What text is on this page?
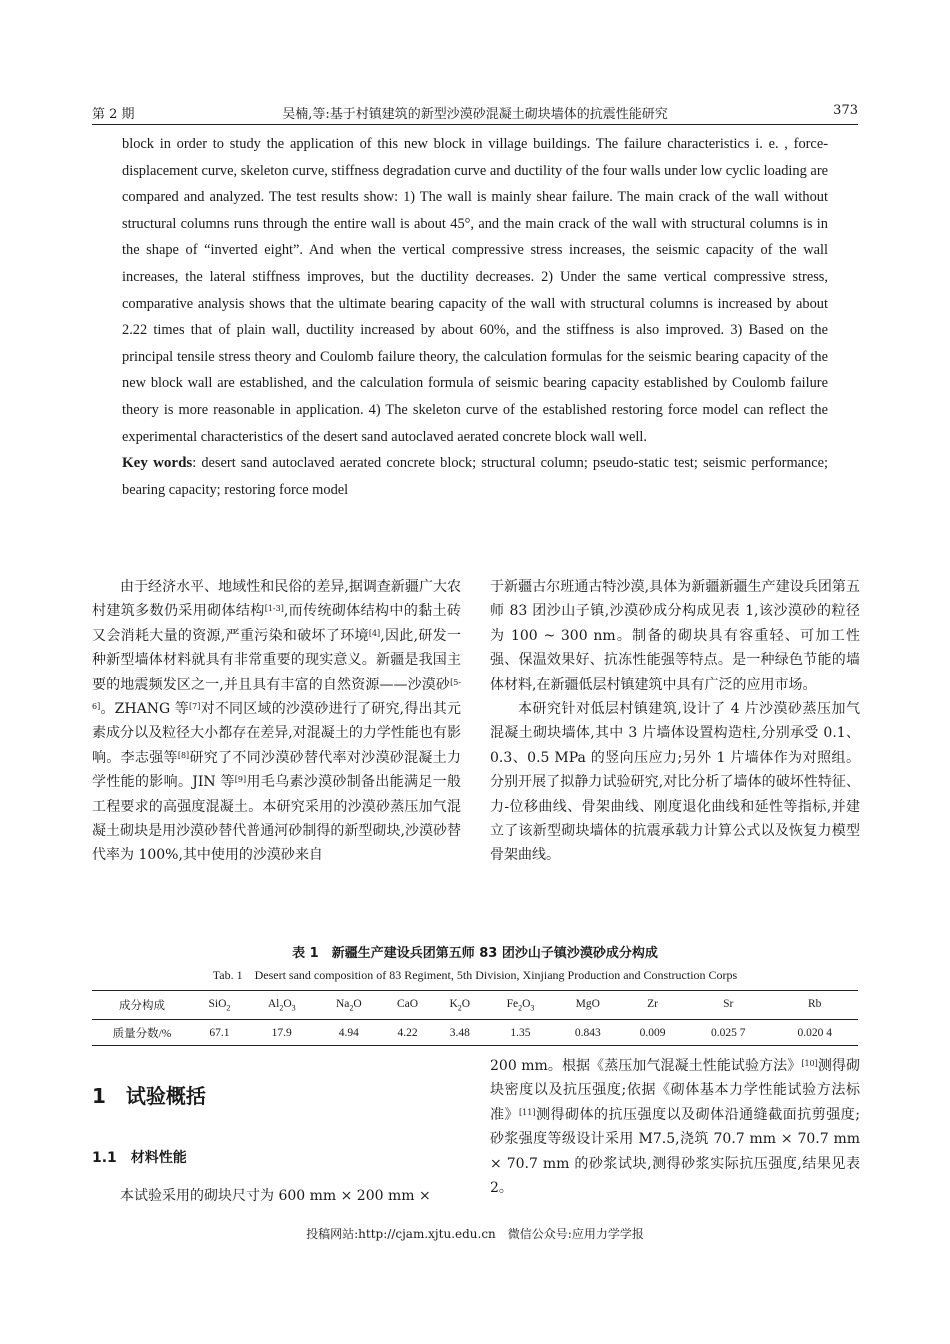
第 2 期	吴楠,等:基于村镇建筑的新型沙漠砂混凝土砌块墙体的抗震性能研究	373

block in order to study the application of this new block in village buildings. The failure characteristics i. e. , force-displacement curve, skeleton curve, stiffness degradation curve and ductility of the four walls under low cyclic loading are compared and analyzed. The test results show: 1) The wall is mainly shear failure. The main crack of the wall without structural columns runs through the entire wall is about 45°, and the main crack of the wall with structural columns is in the shape of “inverted eight”. And when the vertical compressive stress increases, the seismic capacity of the wall increases, the lateral stiffness improves, but the ductility decreases. 2) Under the same vertical compressive stress, comparative analysis shows that the ultimate bearing capacity of the wall with structural columns is increased by about 2.22 times that of plain wall, ductility increased by about 60%, and the stiffness is also improved. 3) Based on the principal tensile stress theory and Coulomb failure theory, the calculation formulas for the seismic bearing capacity of the new block wall are established, and the calculation formula of seismic bearing capacity established by Coulomb failure theory is more reasonable in application. 4) The skeleton curve of the established restoring force model can reflect the experimental characteristics of the desert sand autoclaved aerated concrete block wall well.

Key words: desert sand autoclaved aerated concrete block; structural column; pseudo-static test; seismic performance; bearing capacity; restoring force model

由于经济水平、地域性和民俗的差异,据调查新疆广大农村建筑多数仍采用砌体结构[1-3],而传统砌体结构中的黏土砖又会消耗大量的资源,严重污染和破坏了环境[4],因此,研发一种新型墙体材料就具有非常重要的现实意义。新疆是我国主要的地震频发区之一,并且具有丰富的自然资源——沙漠砂[5-6]。ZHANG 等[7]对不同区域的沙漠砂进行了研究,得出其元素成分以及粒径大小都存在差异,对混凝土的力学性能也有影响。李志强等[8]研究了不同沙漠砂替代率对沙漠砂混凝土力学性能的影响。JIN 等[9]用毛乌素沙漠砂制备出能满足一般工程要求的高强度混凝土。本研究采用的沙漠砂蒸压加气混凝土砌块是用沙漠砂替代普通河砂制得的新型砌块,沙漠砂替代率为 100%,其中使用的沙漠砂来自

于新疆古尔班通古特沙漠,具体为新疆新疆生产建设兵团第五师 83 团沙山子镇,沙漠砂成分构成见表 1,该沙漠砂的粒径为 100 ~ 300 nm。制备的砌块具有容重轻、可加工性强、保温效果好、抗冻性能强等特点。是一种绿色节能的墙体材料,在新疆低层村镇建筑中具有广泛的应用市场。

本研究针对低层村镇建筑,设计了 4 片沙漠砂蒸压加气混凝土砌块墙体,其中 3 片墙体设置构造柱,分别承受 0.1、0.3、0.5 MPa 的竖向压应力;另外 1 片墙体作为对照组。分别开展了拟静力试验研究,对比分析了墙体的破坏性特征、力-位移曲线、骨架曲线、刚度退化曲线和延性等指标,并建立了该新型砌块墙体的抗震承载力计算公式以及恢复力模型骨架曲线。

表 1　新疆生产建设兵团第五师 83 团沙山子镇沙漠砂成分构成
Tab. 1　Desert sand composition of 83 Regiment, 5th Division, Xinjiang Production and Construction Corps
成分构成	SiO$_2$	$Al_2O_3$	$Na_2O$	CaO	$K_2O$	$Fe_2O_3$	MgO	Zr	Sr	Rb
质量分数/%	67.1	17.9	4.94	4.22	3.48	1.35	0.843	0.009	0.025 7	0.020 4
1　试验概括
1.1　材料性能

本试验采用的砌块尺寸为 600 mm × 200 mm ×

200 mm。根据《蒸压加气混凝土性能试验方法》[10]测得砌块密度以及抗压强度;依据《砌体基本力学性能试验方法标准》[11]测得砌体的抗压强度以及砌体沿通缝截面抗剪强度;砂浆强度等级设计采用 M7.5,浇筑 70.7 mm × 70.7 mm × 70.7 mm 的砂浆试块,测得砂浆实际抗压强度,结果见表 2。

投稿网站:http://cjam.xjtu.edu.cn　微信公众号:应用力学学报
